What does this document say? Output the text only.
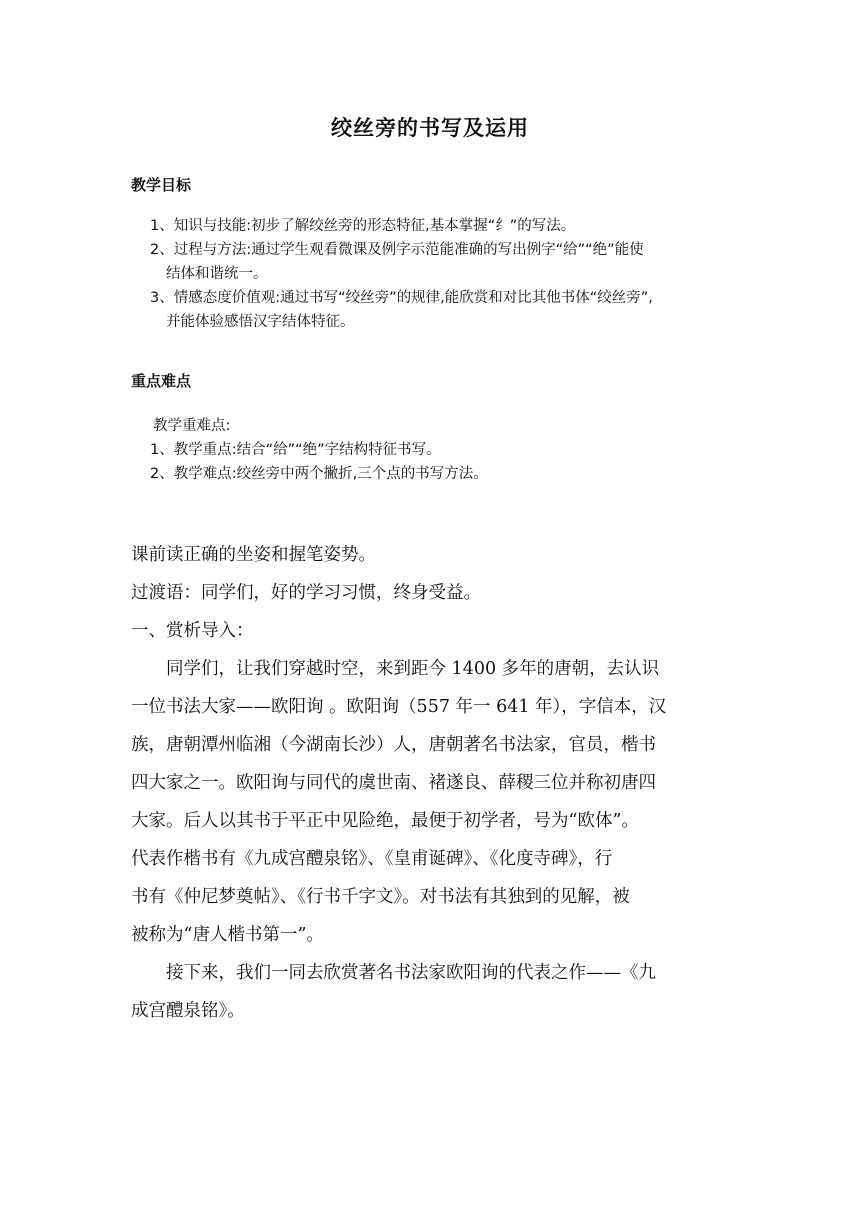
绞丝旁的书写及运用
教学目标

1、知识与技能:初步了解绞丝旁的形态特征,基本掌握“纟”的写法。

2、过程与方法:通过学生观看微课及例字示范能准确的写出例字“给”“绝”能使

结体和谐统一。

3、情感态度价值观:通过书写“绞丝旁”的规律,能欣赏和对比其他书体“绞丝旁”,

并能体验感悟汉字结体特征。

重点难点

教学重难点:

1、教学重点:结合“给”“绝”字结构特征书写。

2、教学难点:绞丝旁中两个撇折,三个点的书写方法。

课前读正确的坐姿和握笔姿势。

过渡语：同学们，好的学习习惯，终身受益。

一、赏析导入：

同学们，让我们穿越时空，来到距今 1400 多年的唐朝，去认识

一位书法大家——欧阳询 。欧阳询（557 年一 641 年），字信本，汉

族，唐朝潭州临湘（今湖南长沙）人，唐朝著名书法家，官员，楷书

四大家之一。欧阳询与同代的虞世南、褚遂良、薛稷三位并称初唐四

大家。后人以其书于平正中见险绝，最便于初学者，号为“欧体”。

代表作楷书有《九成宫醴泉铭》、《皇甫诞碑》、《化度寺碑》，行

书有《仲尼梦奠帖》、《行书千字文》。对书法有其独到的见解，被

被称为“唐人楷书第一”。

接下来，我们一同去欣赏著名书法家欧阳询的代表之作——《九

成宫醴泉铭》。
